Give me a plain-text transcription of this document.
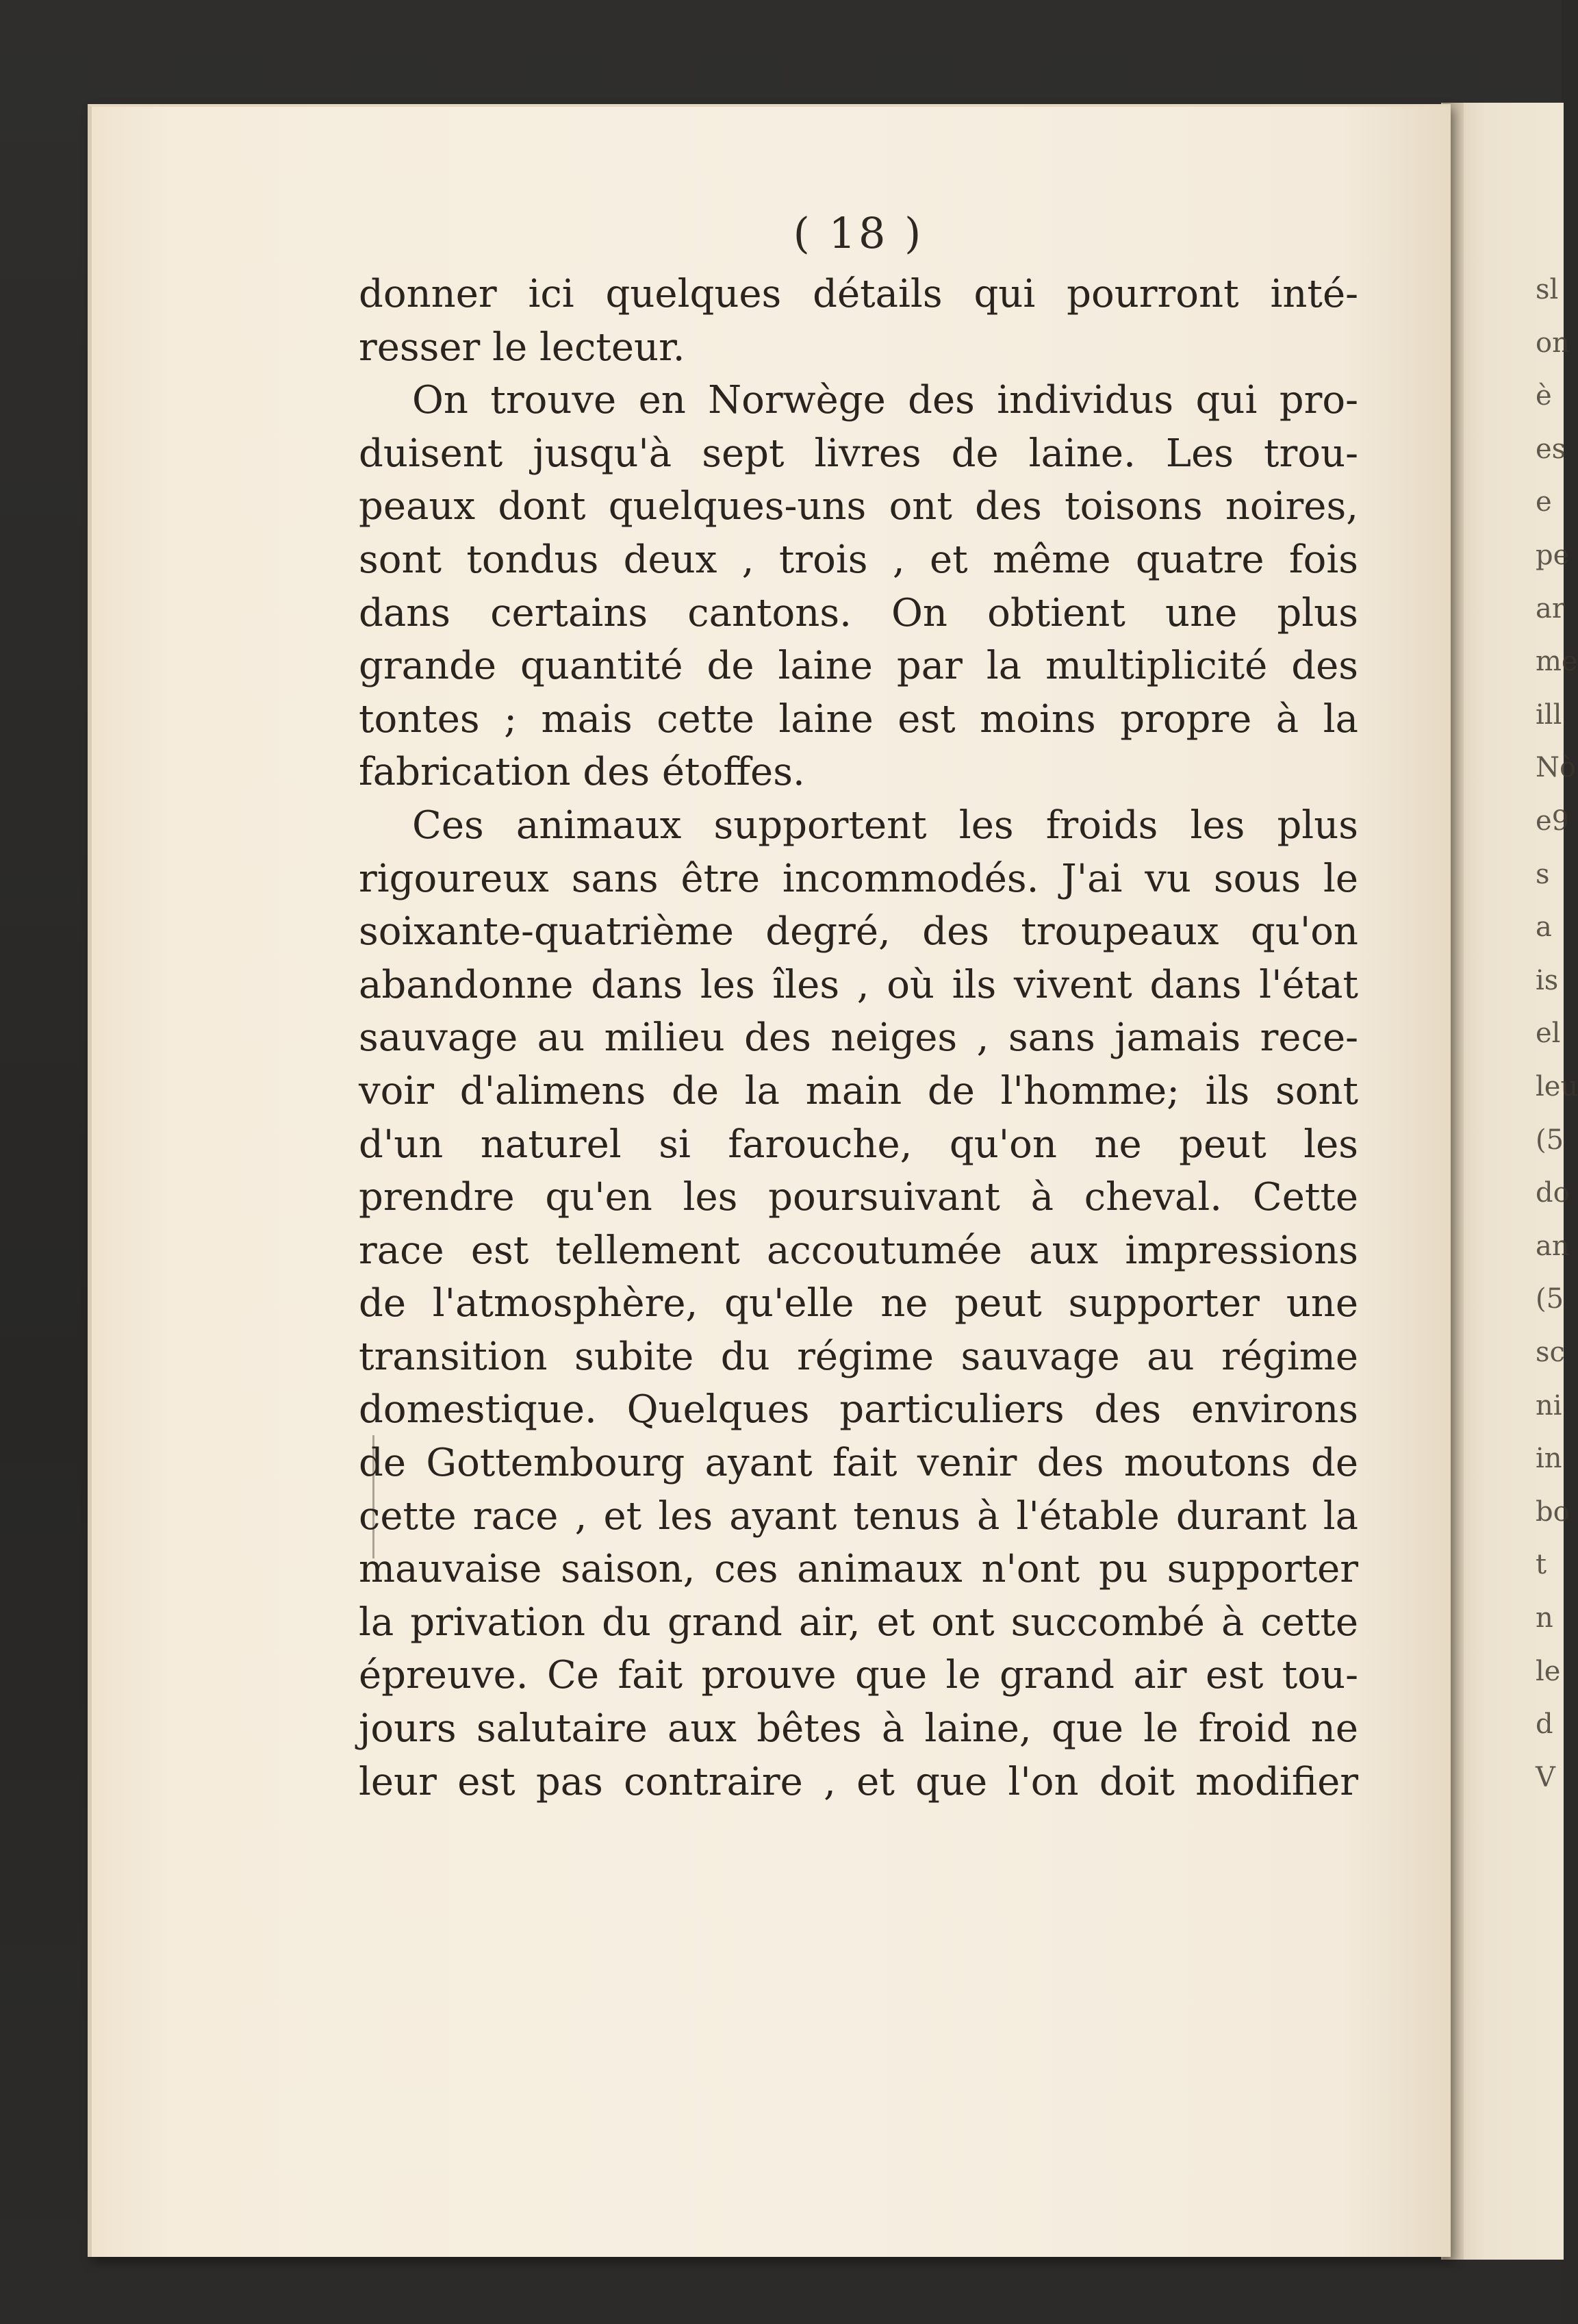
sl
on
è
es
e
pe
ar
me
ill
Nò
e9
s
a
is
el
leu
(5
do
an
(5
sc
ni
in
bo
t
n
le
d
V
( 18 )
donner ici quelques détails qui pourront inté-
resser le lecteur.
On trouve en Norwège des individus qui pro-
duisent jusqu'à sept livres de laine. Les trou-
peaux dont quelques-uns ont des toisons noires,
sont tondus deux , trois , et même quatre fois
dans certains cantons. On obtient une plus
grande quantité de laine par la multiplicité des
tontes ; mais cette laine est moins propre à la
fabrication des étoffes.
Ces animaux supportent les froids les plus
rigoureux sans être incommodés. J'ai vu sous le
soixante-quatrième degré, des troupeaux qu'on
abandonne dans les îles , où ils vivent dans l'état
sauvage au milieu des neiges , sans jamais rece-
voir d'alimens de la main de l'homme; ils sont
d'un naturel si farouche, qu'on ne peut les
prendre qu'en les poursuivant à cheval. Cette
race est tellement accoutumée aux impressions
de l'atmosphère, qu'elle ne peut supporter une
transition subite du régime sauvage au régime
domestique. Quelques particuliers des environs
de Gottembourg ayant fait venir des moutons de
cette race , et les ayant tenus à l'étable durant la
mauvaise saison, ces animaux n'ont pu supporter
la privation du grand air, et ont succombé à cette
épreuve. Ce fait prouve que le grand air est tou-
jours salutaire aux bêtes à laine, que le froid ne
leur est pas contraire , et que l'on doit modifier
